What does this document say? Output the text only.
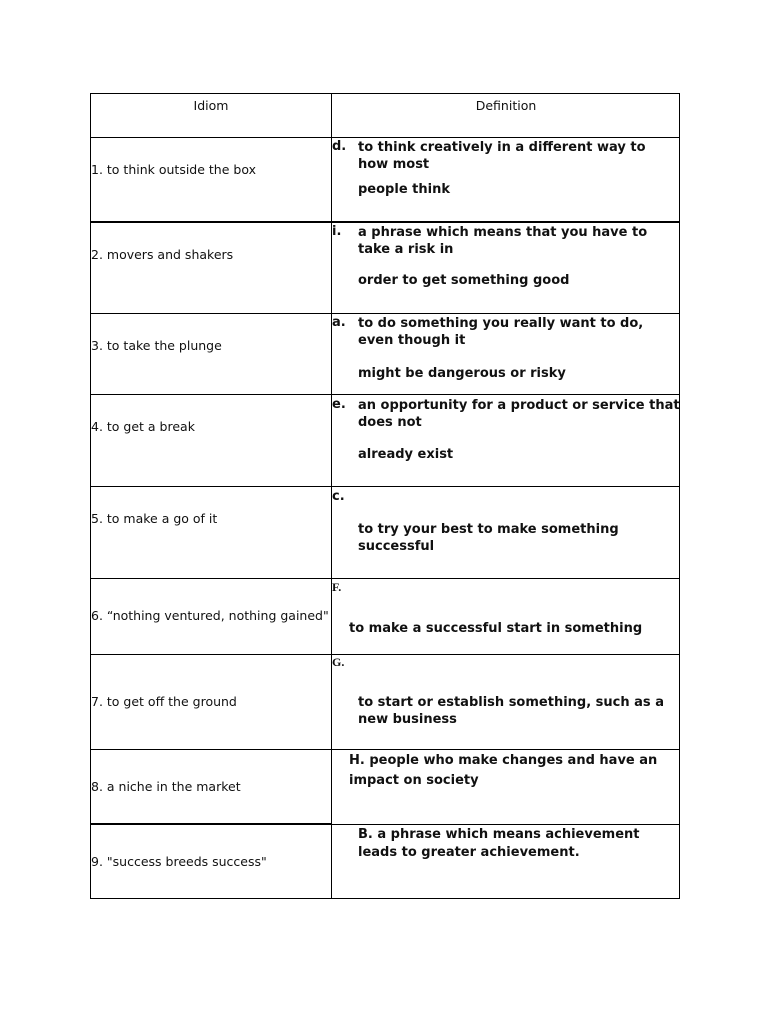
Idiom	Definition
1. to think outside the box
d. to think creatively in a different way to how most
people think
2. movers and shakers
i. a phrase which means that you have to take a risk in
order to get something good
3. to take the plunge
a. to do something you really want to do, even though it
might be dangerous or risky
4. to get a break
e. an opportunity for a product or service that does not
already exist
5. to make a go of it
c.
to try your best to make something successful
6. “nothing ventured, nothing gained"
F.
to make a successful start in something
7. to get off the ground
G.
to start or establish something, such as a new business
8. a niche in the market
H. people who make changes and have an impact on society
9. "success breeds success"
B. a phrase which means achievement leads to greater achievement.
